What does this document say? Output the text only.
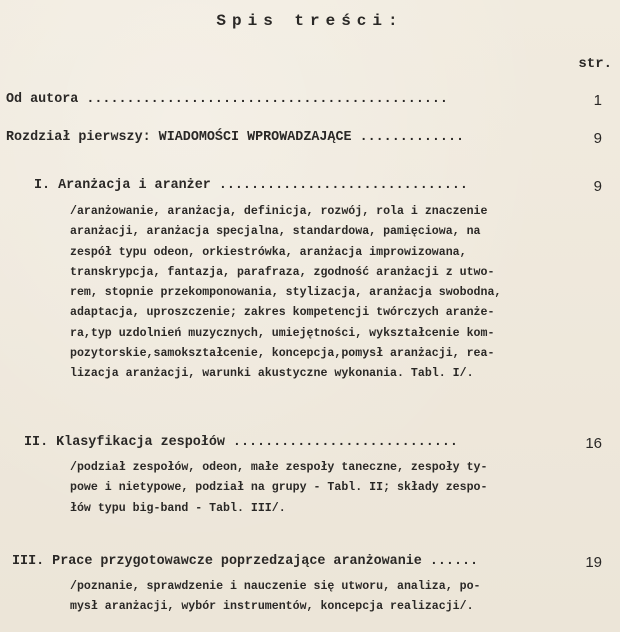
Spis treści:
str.
Od autora .............................................	1
Rozdział pierwszy: WIADOMOŚCI WPROWADZAJĄCE .............	9
I. Aranżacja i aranżer ...............................	9
/aranżowanie, aranżacja, definicja, rozwój, rola i znaczenie
aranżacji, aranżacja specjalna, standardowa, pamięciowa, na
zespół typu odeon, orkiestrówka, aranżacja improwizowana,
transkrypcja, fantazja, parafraza, zgodność aranżacji z utwo-
rem, stopnie przekomponowania, stylizacja, aranżacja swobodna,
adaptacja, uproszczenie; zakres kompetencji twórczych aranże-
ra,typ uzdolnień muzycznych, umiejętności, wykształcenie kom-
pozytorskie,samokształcenie, koncepcja,pomysł aranżacji, rea-
lizacja aranżacji, warunki akustyczne wykonania. Tabl. I/.
II. Klasyfikacja zespołów ............................	16
/podział zespołów, odeon, małe zespoły taneczne, zespoły ty-
powe i nietypowe, podział na grupy - Tabl. II; składy zespo-
łów typu big-band - Tabl. III/.
III. Prace przygotowawcze poprzedzające aranżowanie ......	19
/poznanie, sprawdzenie i nauczenie się utworu, analiza, po-
mysł aranżacji, wybór instrumentów, koncepcja realizacji/.
